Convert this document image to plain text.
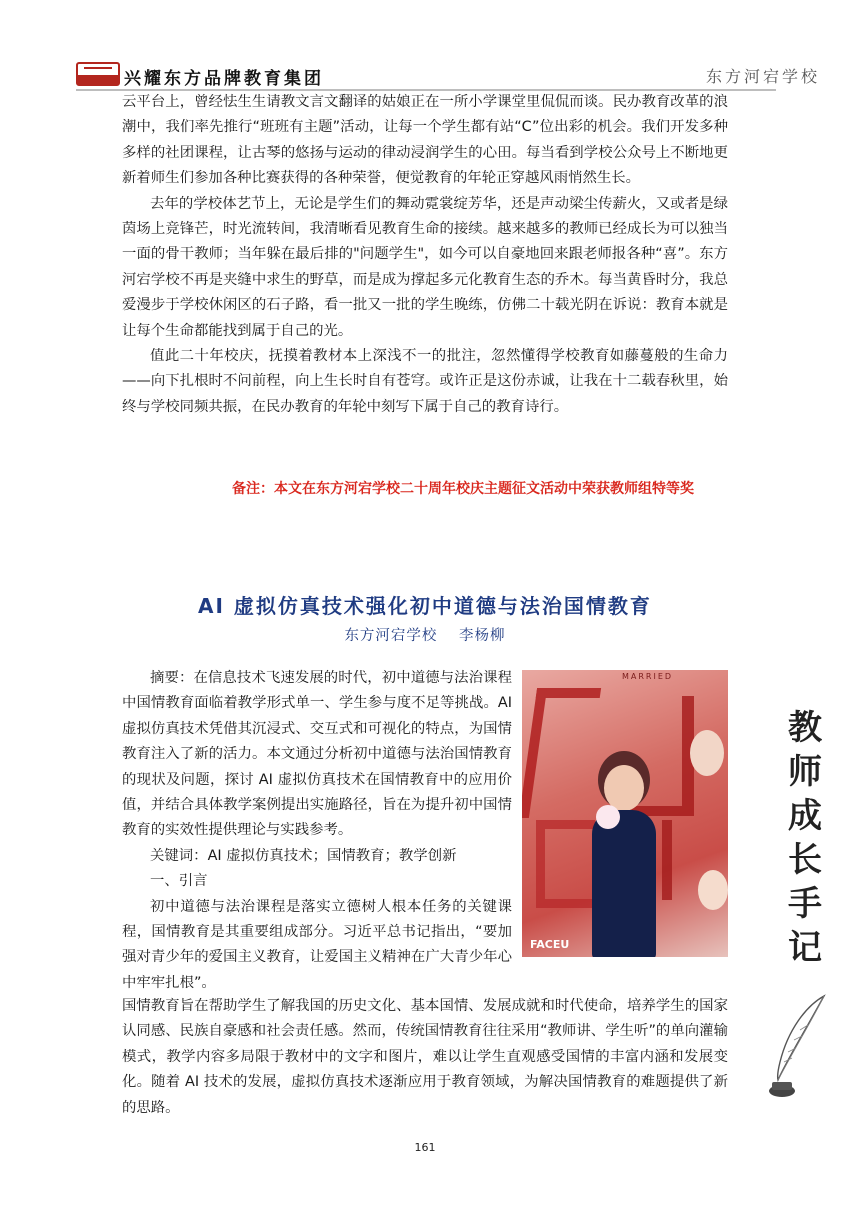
兴耀东方品牌教育集团	东方河宕学校

云平台上，曾经怯生生请教文言文翻译的姑娘正在一所小学课堂里侃侃而谈。民办教育改革的浪潮中，我们率先推行“班班有主题”活动，让每一个学生都有站“C”位出彩的机会。我们开发多种多样的社团课程，让古琴的悠扬与运动的律动浸润学生的心田。每当看到学校公众号上不断地更新着师生们参加各种比赛获得的各种荣誉，便觉教育的年轮正穿越风雨悄然生长。

去年的学校体艺节上，无论是学生们的舞动霓裳绽芳华，还是声动梁尘传薪火，又或者是绿茵场上竞锋芒，时光流转间，我清晰看见教育生命的接续。越来越多的教师已经成长为可以独当一面的骨干教师；当年躲在最后排的"问题学生"，如今可以自豪地回来跟老师报各种“喜”。东方河宕学校不再是夹缝中求生的野草，而是成为撑起多元化教育生态的乔木。每当黄昏时分，我总爱漫步于学校休闲区的石子路，看一批又一批的学生晚练，仿佛二十载光阴在诉说：教育本就是让每个生命都能找到属于自己的光。

值此二十年校庆，抚摸着教材本上深浅不一的批注，忽然懂得学校教育如藤蔓般的生命力——向下扎根时不问前程，向上生长时自有苍穹。或许正是这份赤诚，让我在十二载春秋里，始终与学校同频共振，在民办教育的年轮中刻写下属于自己的教育诗行。

备注：本文在东方河宕学校二十周年校庆主题征文活动中荣获教师组特等奖
AI 虚拟仿真技术强化初中道德与法治国情教育
东方河宕学校 李杨柳

摘要：在信息技术飞速发展的时代，初中道德与法治课程中国情教育面临着教学形式单一、学生参与度不足等挑战。AI 虚拟仿真技术凭借其沉浸式、交互式和可视化的特点，为国情教育注入了新的活力。本文通过分析初中道德与法治国情教育的现状及问题，探讨 AI 虚拟仿真技术在国情教育中的应用价值，并结合具体教学案例提出实施路径，旨在为提升初中国情教育的实效性提供理论与实践参考。

关键词：AI 虚拟仿真技术；国情教育；教学创新

一、引言

初中道德与法治课程是落实立德树人根本任务的关键课程，国情教育是其重要组成部分。习近平总书记指出，“要加强对青少年的爱国主义教育，让爱国主义精神在广大青少年心中牢牢扎根”。

国情教育旨在帮助学生了解我国的历史文化、基本国情、发展成就和时代使命，培养学生的国家认同感、民族自豪感和社会责任感。然而，传统国情教育往往采用“教师讲、学生听”的单向灌输模式，教学内容多局限于教材中的文字和图片，难以让学生直观感受国情的丰富内涵和发展变化。随着 AI 技术的发展，虚拟仿真技术逐渐应用于教育领域，为解决国情教育的难题提供了新的思路。

MARRIED
FACEU
教
师
成
长
手
记
161
